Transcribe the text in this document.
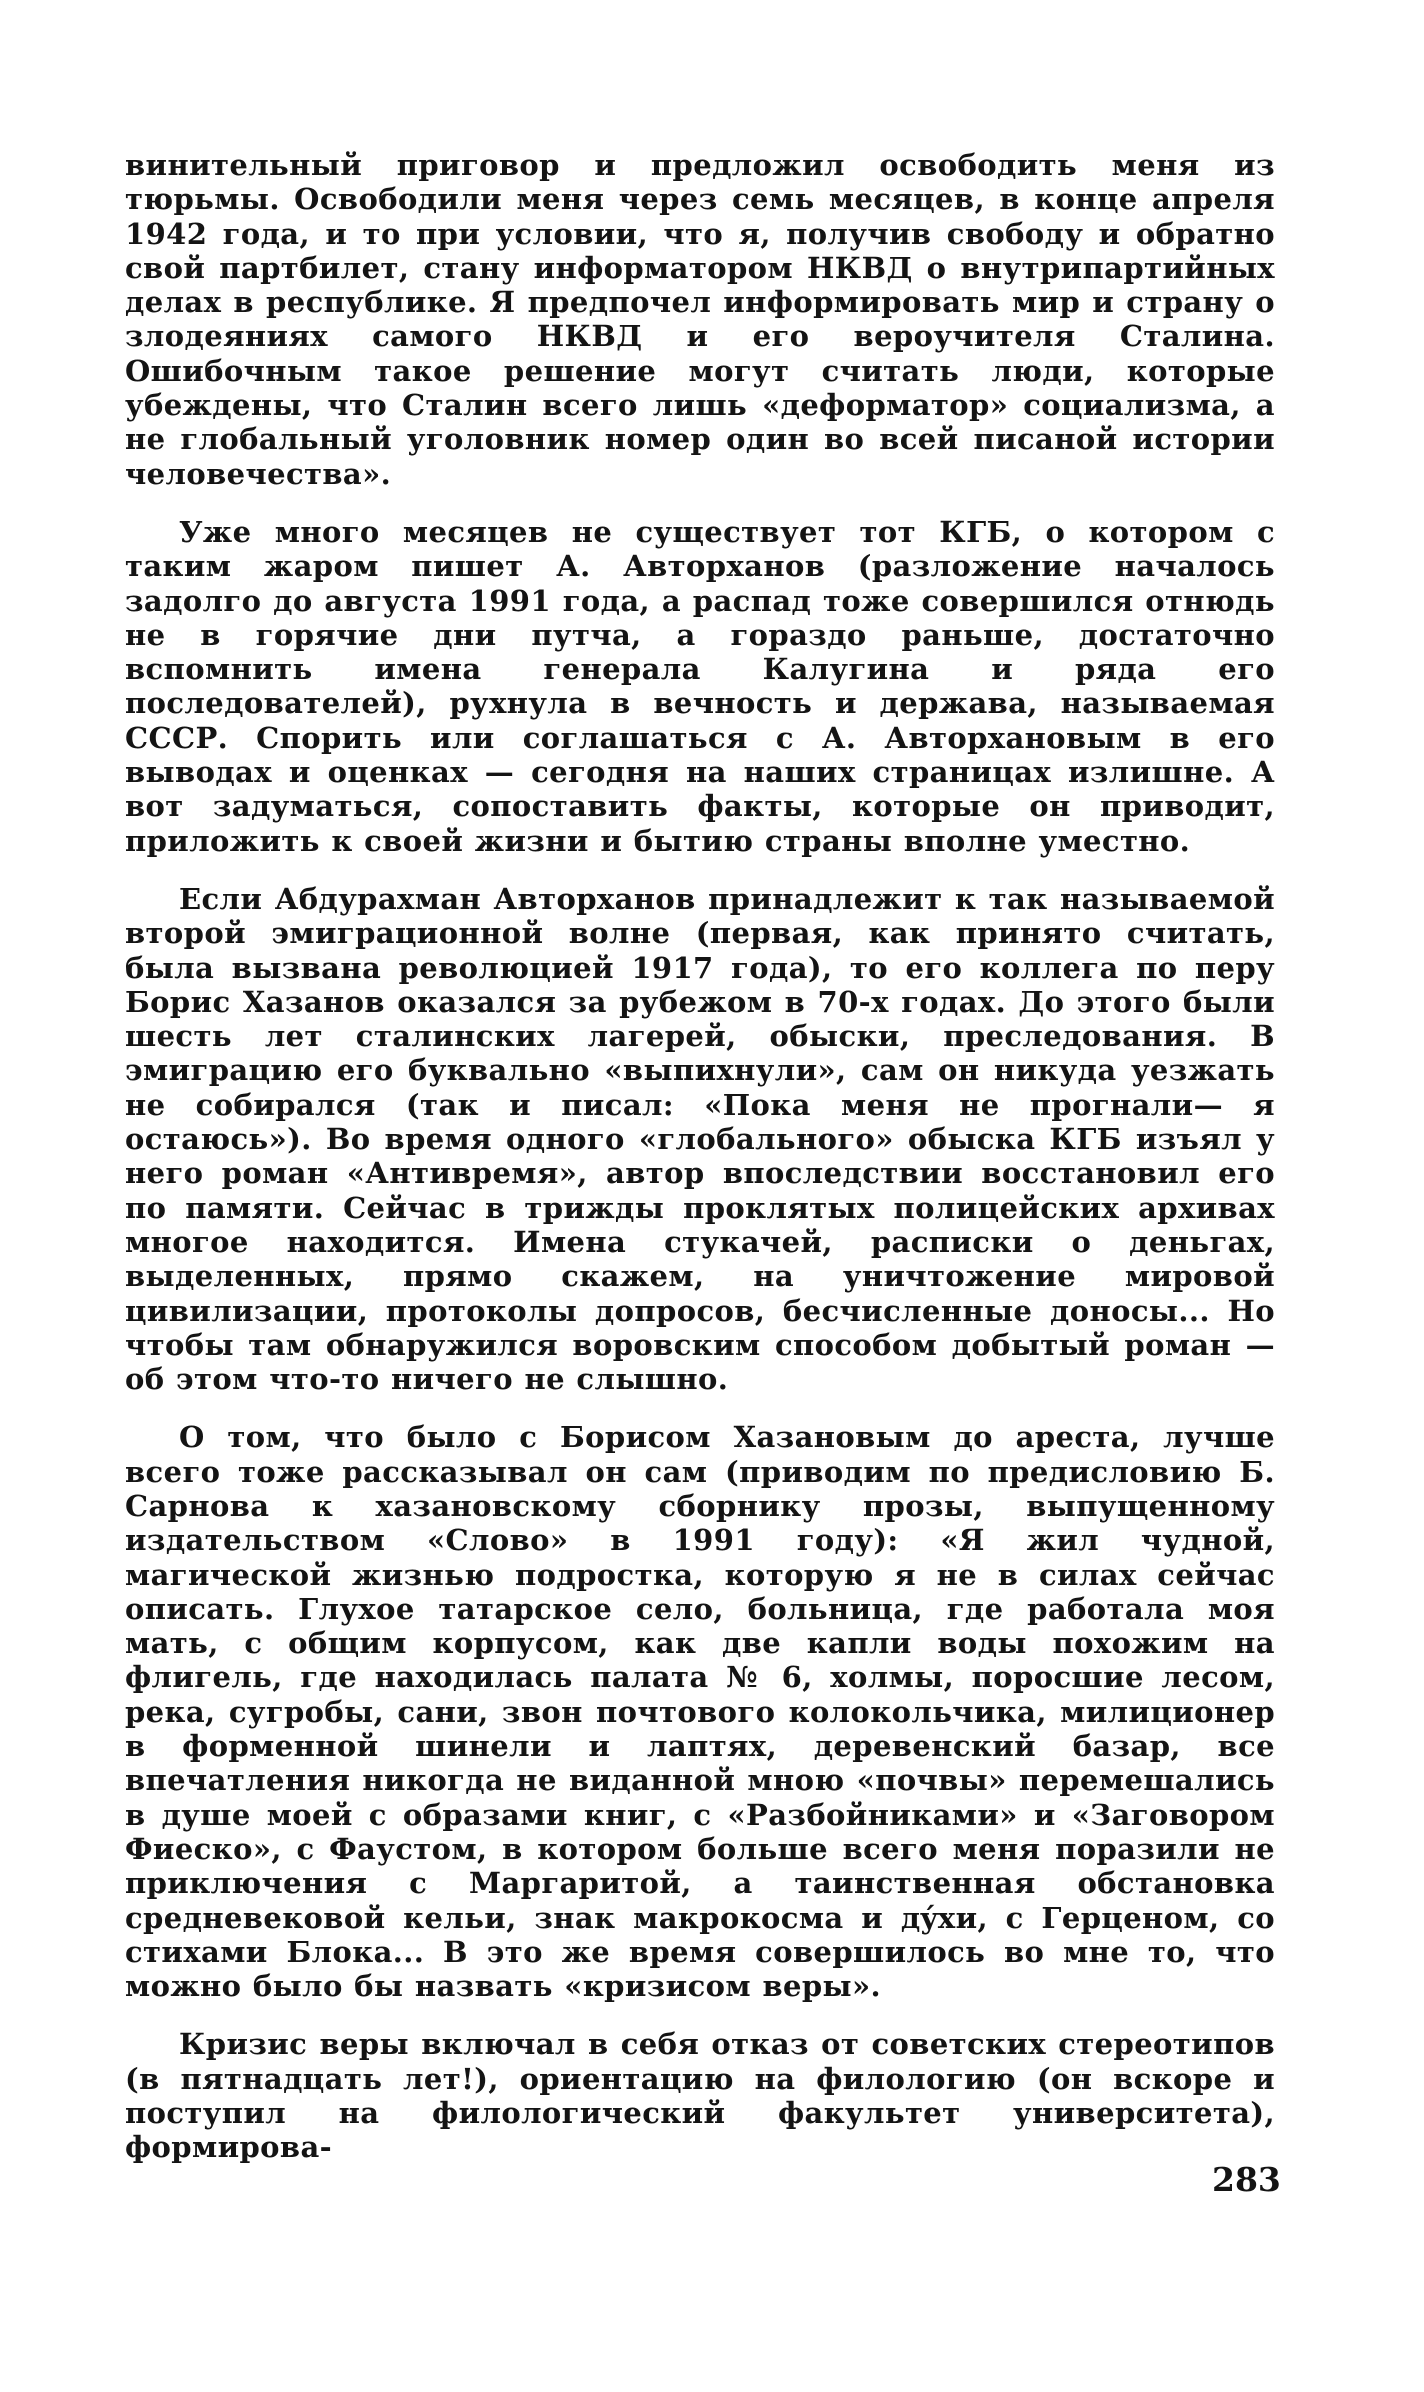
винительный приговор и предложил освободить меня из тюрьмы. Освободили меня через семь месяцев, в конце апреля 1942 года, и то при условии, что я, получив свободу и обратно свой партбилет, стану информатором НКВД о внутрипартийных делах в республике. Я предпочел информировать мир и страну о злодеяниях самого НКВД и его вероучителя Сталина. Ошибочным такое решение могут считать люди, которые убеждены, что Сталин всего лишь «деформатор» социализма, а не глобальный уголовник номер один во всей писаной истории человечества».

Уже много месяцев не существует тот КГБ, о котором с таким жаром пишет А. Авторханов (разложение началось задолго до августа 1991 года, а распад тоже совершился отнюдь не в горячие дни путча, а гораздо раньше, достаточно вспомнить имена генерала Калугина и ряда его последователей), рухнула в вечность и держава, называемая СССР. Спорить или соглашаться с А. Авторхановым в его выводах и оценках — сегодня на наших страницах излишне. А вот задуматься, сопоставить факты, которые он приводит, приложить к своей жизни и бытию страны вполне уместно.

Если Абдурахман Авторханов принадлежит к так называемой второй эмиграционной волне (первая, как принято считать, была вызвана революцией 1917 года), то его коллега по перу Борис Хазанов оказался за рубежом в 70-х годах. До этого были шесть лет сталинских лагерей, обыски, преследования. В эмиграцию его буквально «выпихнули», сам он никуда уезжать не собирался (так и писал: «Пока меня не прогнали— я остаюсь»). Во время одного «глобального» обыска КГБ изъял у него роман «Антивремя», автор впоследствии восстановил его по памяти. Сейчас в трижды проклятых полицейских архивах многое находится. Имена стукачей, расписки о деньгах, выделенных, прямо скажем, на уничтожение мировой цивилизации, протоколы допросов, бесчисленные доносы... Но чтобы там обнаружился воровским способом добытый роман — об этом что-то ничего не слышно.

О том, что было с Борисом Хазановым до ареста, лучше всего тоже рассказывал он сам (приводим по предисловию Б. Сарнова к хазановскому сборнику прозы, выпущенному издательством «Слово» в 1991 году): «Я жил чудной, магической жизнью подростка, которую я не в силах сейчас описать. Глухое татарское село, больница, где работала моя мать, с общим корпусом, как две капли воды похожим на флигель, где находилась палата № 6, холмы, поросшие лесом, река, сугробы, сани, звон почтового колокольчика, милиционер в форменной шинели и лаптях, деревенский базар, все впечатления никогда не виданной мною «почвы» перемешались в душе моей с образами книг, с «Разбойниками» и «Заговором Фиеско», с Фаустом, в котором больше всего меня поразили не приключения с Маргаритой, а таинственная обстановка средневековой кельи, знак макрокосма и дýхи, с Герценом, со стихами Блока... В это же время совершилось во мне то, что можно было бы назвать «кризисом веры».

Кризис веры включал в себя отказ от советских стереотипов (в пятнадцать лет!), ориентацию на филологию (он вскоре и поступил на филологический факультет университета), формирова-

283
